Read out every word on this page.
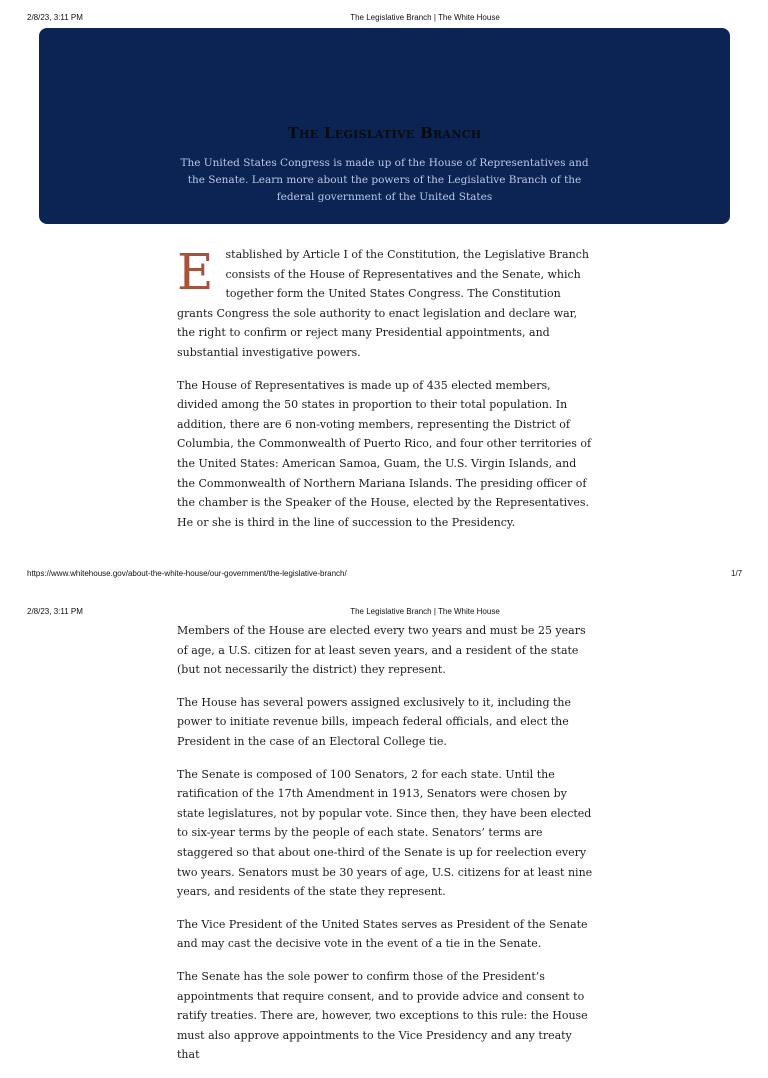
2/8/23, 3:11 PM	The Legislative Branch | The White House
The Legislative Branch

The United States Congress is made up of the House of Representatives and the Senate. Learn more about the powers of the Legislative Branch of the federal government of the United States

E stablished by Article I of the Constitution, the Legislative Branch consists of the House of Representatives and the Senate, which together form the United States Congress. The Constitution grants Congress the sole authority to enact legislation and declare war, the right to confirm or reject many Presidential appointments, and substantial investigative powers.

The House of Representatives is made up of 435 elected members, divided among the 50 states in proportion to their total population. In addition, there are 6 non-voting members, representing the District of Columbia, the Commonwealth of Puerto Rico, and four other territories of the United States: American Samoa, Guam, the U.S. Virgin Islands, and the Commonwealth of Northern Mariana Islands. The presiding officer of the chamber is the Speaker of the House, elected by the Representatives. He or she is third in the line of succession to the Presidency.

https://www.whitehouse.gov/about-the-white-house/our-government/the-legislative-branch/	1/7
2/8/23, 3:11 PM	The Legislative Branch | The White House

Members of the House are elected every two years and must be 25 years of age, a U.S. citizen for at least seven years, and a resident of the state (but not necessarily the district) they represent.

The House has several powers assigned exclusively to it, including the power to initiate revenue bills, impeach federal officials, and elect the President in the case of an Electoral College tie.

The Senate is composed of 100 Senators, 2 for each state. Until the ratification of the 17th Amendment in 1913, Senators were chosen by state legislatures, not by popular vote. Since then, they have been elected to six-year terms by the people of each state. Senators’ terms are staggered so that about one-third of the Senate is up for reelection every two years. Senators must be 30 years of age, U.S. citizens for at least nine years, and residents of the state they represent.

The Vice President of the United States serves as President of the Senate and may cast the decisive vote in the event of a tie in the Senate.

The Senate has the sole power to confirm those of the President’s appointments that require consent, and to provide advice and consent to ratify treaties. There are, however, two exceptions to this rule: the House must also approve appointments to the Vice Presidency and any treaty that
